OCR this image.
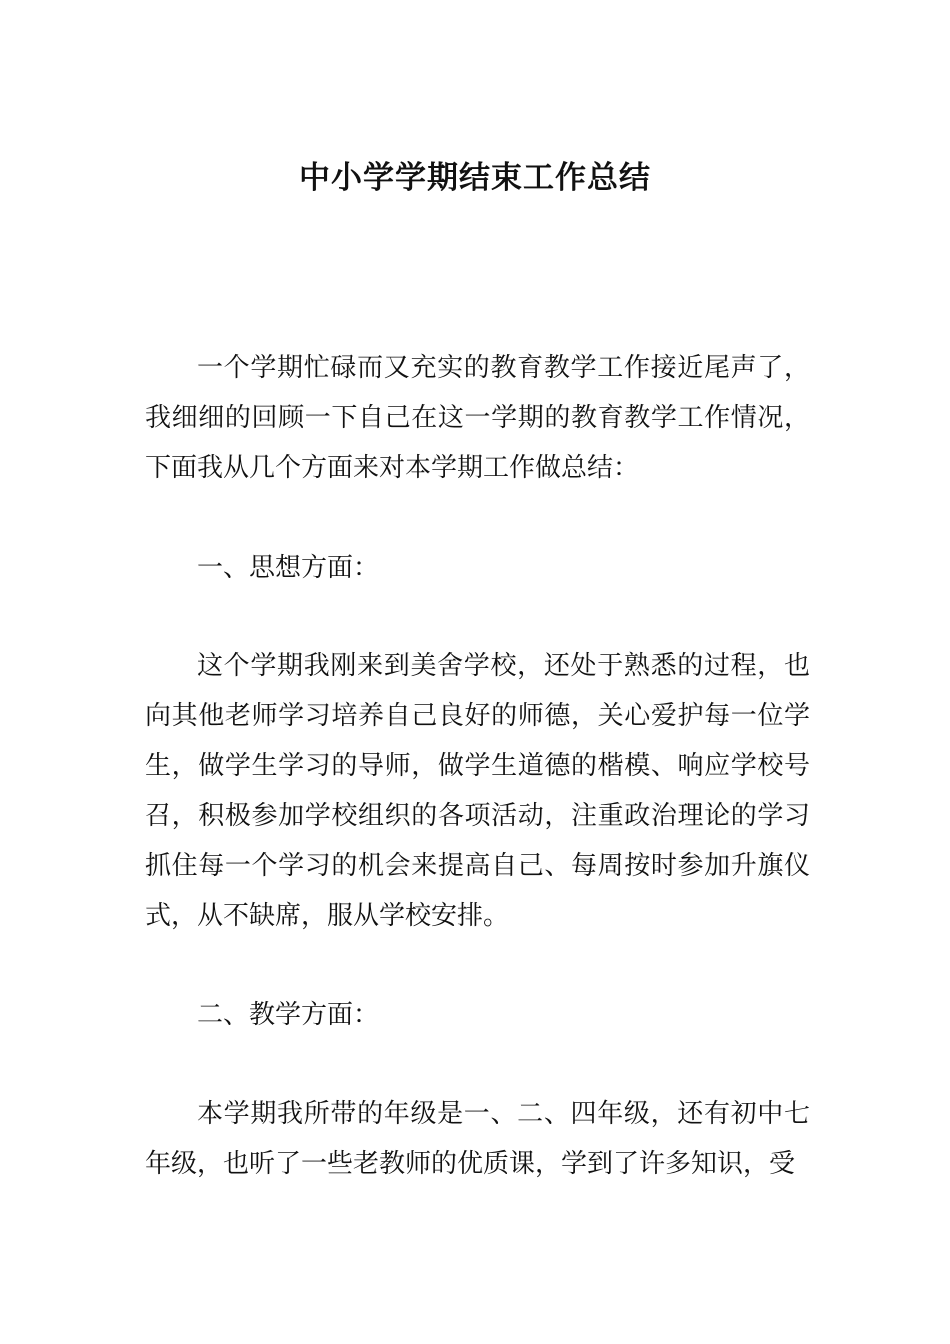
中小学学期结束工作总结

一个学期忙碌而又充实的教育教学工作接近尾声了，我细细的回顾一下自己在这一学期的教育教学工作情况，下面我从几个方面来对本学期工作做总结：

一、思想方面：

这个学期我刚来到美舍学校，还处于熟悉的过程，也向其他老师学习培养自己良好的师德，关心爱护每一位学生，做学生学习的导师，做学生道德的楷模、响应学校号召，积极参加学校组织的各项活动，注重政治理论的学习抓住每一个学习的机会来提高自己、每周按时参加升旗仪式，从不缺席，服从学校安排。

二、教学方面：

本学期我所带的年级是一、二、四年级，还有初中七年级，也听了一些老教师的优质课，学到了许多知识，受
